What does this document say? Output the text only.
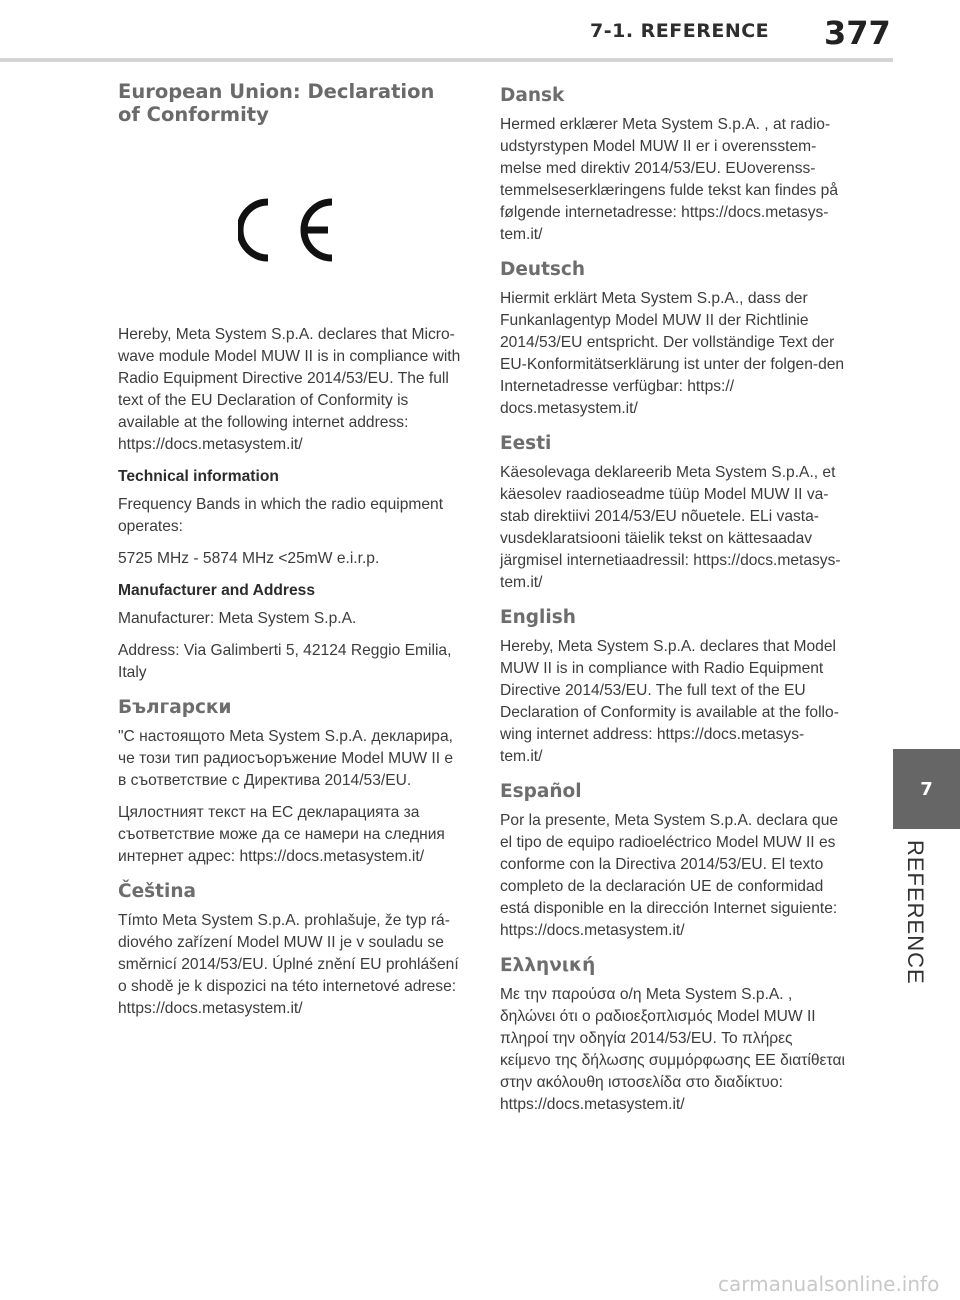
7-1. REFERENCE 377
7
REFERENCE
European Union: Declaration of Conformity

Hereby, Meta System S.p.A. declares that Micro-wave module Model MUW II is in compliance with Radio Equipment Directive 2014/53/EU. The full text of the EU Declaration of Conformity is available at the following internet address: https://docs.metasystem.it/

Technical information

Frequency Bands in which the radio equipment operates:

5725 MHz - 5874 MHz <25mW e.i.r.p.

Manufacturer and Address

Manufacturer: Meta System S.p.A.

Address: Via Galimberti 5, 42124 Reggio Emilia, Italy

Български

"С настоящото Meta System S.p.A. декларира, че този тип радиосъоръжение Model MUW II е в съответствие с Директива 2014/53/EU.

Цялостният текст на ЕС декларацията за съответствие може да се намери на следния интернет адрес: https://docs.metasystem.it/

Čeština

Tímto Meta System S.p.A. prohlašuje, že typ rá-diového zařízení Model MUW II je v souladu se směrnicí 2014/53/EU. Úplné znění EU prohlášení o shodě je k dispozici na této internetové adrese: https://docs.metasystem.it/

Dansk

Hermed erklærer Meta System S.p.A. , at radio-udstyrstypen Model MUW II er i overensstem-melse med direktiv 2014/53/EU. EUoverenss-temmelseserklæringens fulde tekst kan findes på følgende internetadresse: https://docs.metasys-tem.it/

Deutsch

Hiermit erklärt Meta System S.p.A., dass der Funkanlagentyp Model MUW II der Richtlinie 2014/53/EU entspricht. Der vollständige Text der EU-Konformitätserklärung ist unter der folgen-den Internetadresse verfügbar: https:// docs.metasystem.it/

Eesti

Käesolevaga deklareerib Meta System S.p.A., et käesolev raadioseadme tüüp Model MUW II va-stab direktiivi 2014/53/EU nõuetele. ELi vasta-vusdeklaratsiooni täielik tekst on kättesaadav järgmisel internetiaadressil: https://docs.metasys-tem.it/

English

Hereby, Meta System S.p.A. declares that Model MUW II is in compliance with Radio Equipment Directive 2014/53/EU. The full text of the EU Declaration of Conformity is available at the follo-wing internet address: https://docs.metasys-tem.it/

Español

Por la presente, Meta System S.p.A. declara que el tipo de equipo radioeléctrico Model MUW II es conforme con la Directiva 2014/53/EU. El texto completo de la declaración UE de conformidad está disponible en la dirección Internet siguiente: https://docs.metasystem.it/

Ελληνική

Με την παρούσα ο/η Meta System S.p.A. , δηλώνει ότι ο ραδιοεξοπλισμός Model MUW II πληροί την οδηγία 2014/53/EU. Το πλήρες κείμενο της δήλωσης συμμόρφωσης ΕΕ διατίθεται στην ακόλουθη ιστοσελίδα στο διαδίκτυο: https://docs.metasystem.it/

carmanualsonline.info
